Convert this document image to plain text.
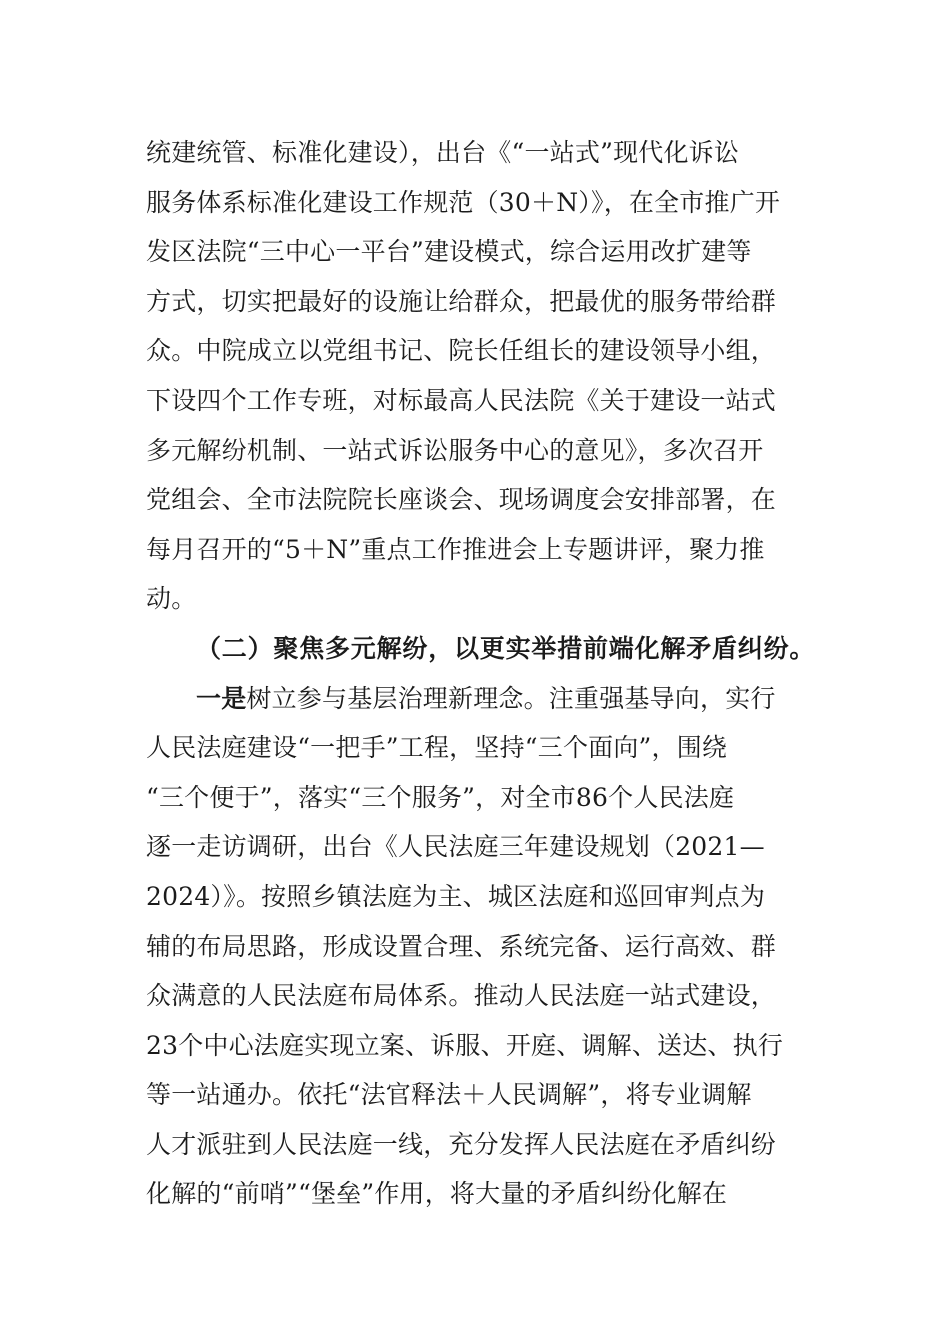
统建统管、标准化建设），出台《“一站式”现代化诉讼
服务体系标准化建设工作规范（30＋N）》，在全市推广开
发区法院“三中心一平台”建设模式，综合运用改扩建等
方式，切实把最好的设施让给群众，把最优的服务带给群
众。中院成立以党组书记、院长任组长的建设领导小组，
下设四个工作专班，对标最高人民法院《关于建设一站式
多元解纷机制、一站式诉讼服务中心的意见》，多次召开
党组会、全市法院院长座谈会、现场调度会安排部署，在
每月召开的“5＋N”重点工作推进会上专题讲评，聚力推
动。
（二）聚焦多元解纷，以更实举措前端化解矛盾纠纷。
一是树立参与基层治理新理念。注重强基导向，实行
人民法庭建设“一把手”工程，坚持“三个面向”，围绕
“三个便于”，落实“三个服务”，对全市86个人民法庭
逐一走访调研，出台《人民法庭三年建设规划（2021—
2024）》。按照乡镇法庭为主、城区法庭和巡回审判点为
辅的布局思路，形成设置合理、系统完备、运行高效、群
众满意的人民法庭布局体系。推动人民法庭一站式建设，
23个中心法庭实现立案、诉服、开庭、调解、送达、执行
等一站通办。依托“法官释法＋人民调解”，将专业调解
人才派驻到人民法庭一线，充分发挥人民法庭在矛盾纠纷
化解的“前哨”“堡垒”作用，将大量的矛盾纠纷化解在
